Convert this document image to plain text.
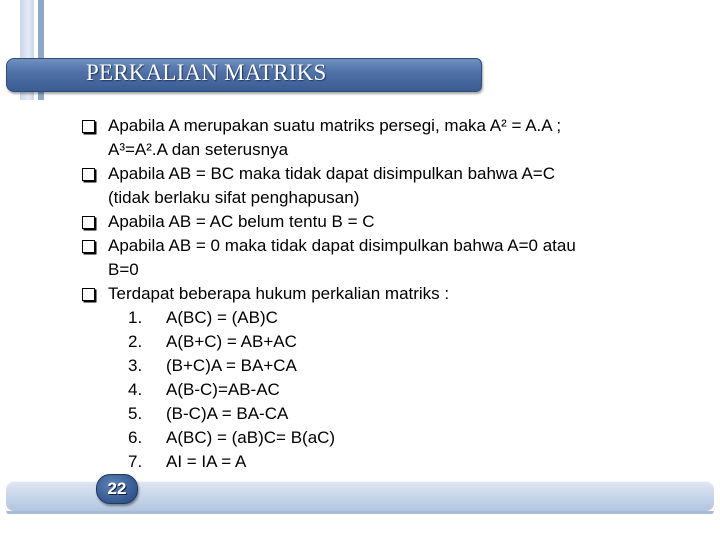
PERKALIAN MATRIKS
Apabila A merupakan suatu matriks persegi, maka A² = A.A ;
A³=A².A dan seterusnya
Apabila AB = BC maka tidak dapat disimpulkan bahwa A=C
(tidak berlaku sifat penghapusan)
Apabila AB = AC belum tentu B = C
Apabila AB = 0 maka tidak dapat disimpulkan bahwa A=0 atau
B=0
Terdapat beberapa hukum perkalian matriks :
1.	A(BC) = (AB)C
2.	A(B+C) = AB+AC
3.	(B+C)A = BA+CA
4.	A(B-C)=AB-AC
5.	(B-C)A = BA-CA
6.	A(BC) = (aB)C= B(aC)
7.	AI = IA = A
22
